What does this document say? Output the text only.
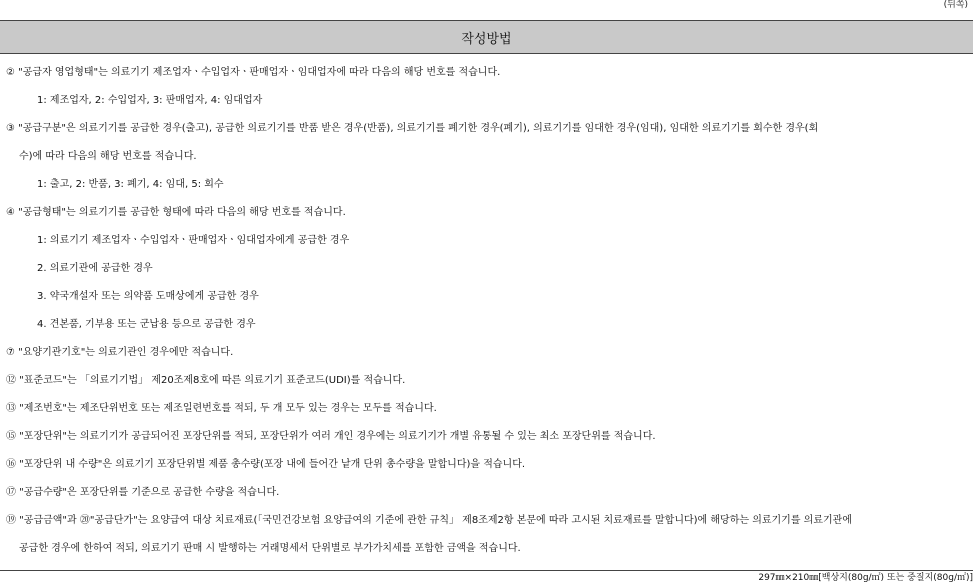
(뒤쪽)
작성방법
② "공급자 영업형태"는 의료기기 제조업자ㆍ수입업자ㆍ판매업자ㆍ임대업자에 따라 다음의 해당 번호를 적습니다.
1: 제조업자, 2: 수입업자, 3: 판매업자, 4: 임대업자
③ "공급구분"은 의료기기를 공급한 경우(출고), 공급한 의료기기를 반품 받은 경우(반품), 의료기기를 폐기한 경우(폐기), 의료기기를 임대한 경우(임대), 임대한 의료기기를 회수한 경우(회
수)에 따라 다음의 해당 번호를 적습니다.
1: 출고, 2: 반품, 3: 폐기, 4: 임대, 5: 회수
④ "공급형태"는 의료기기를 공급한 형태에 따라 다음의 해당 번호를 적습니다.
1: 의료기기 제조업자ㆍ수입업자ㆍ판매업자ㆍ임대업자에게 공급한 경우
2. 의료기관에 공급한 경우
3. 약국개설자 또는 의약품 도매상에게 공급한 경우
4. 견본품, 기부용 또는 군납용 등으로 공급한 경우
⑦ "요양기관기호"는 의료기관인 경우에만 적습니다.
⑫ "표준코드"는 「의료기기법」 제20조제8호에 따른 의료기기 표준코드(UDI)를 적습니다.
⑬ "제조번호"는 제조단위번호 또는 제조일련번호를 적되, 두 개 모두 있는 경우는 모두를 적습니다.
⑮ "포장단위"는 의료기기가 공급되어진 포장단위를 적되, 포장단위가 여러 개인 경우에는 의료기기가 개별 유통될 수 있는 최소 포장단위를 적습니다.
⑯ "포장단위 내 수량"은 의료기기 포장단위별 제품 총수량(포장 내에 들어간 낱개 단위 총수량을 말합니다)을 적습니다.
⑰ "공급수량"은 포장단위를 기준으로 공급한 수량을 적습니다.
⑲ "공급금액"과 ⑳"공급단가"는 요양급여 대상 치료재료(「국민건강보험 요양급여의 기준에 관한 규칙」 제8조제2항 본문에 따라 고시된 치료재료를 말합니다)에 해당하는 의료기기를 의료기관에
공급한 경우에 한하여 적되, 의료기기 판매 시 발행하는 거래명세서 단위별로 부가가치세를 포함한 금액을 적습니다.
297㎜×210㎜[백상지(80g/㎡) 또는 중질지(80g/㎡)]
